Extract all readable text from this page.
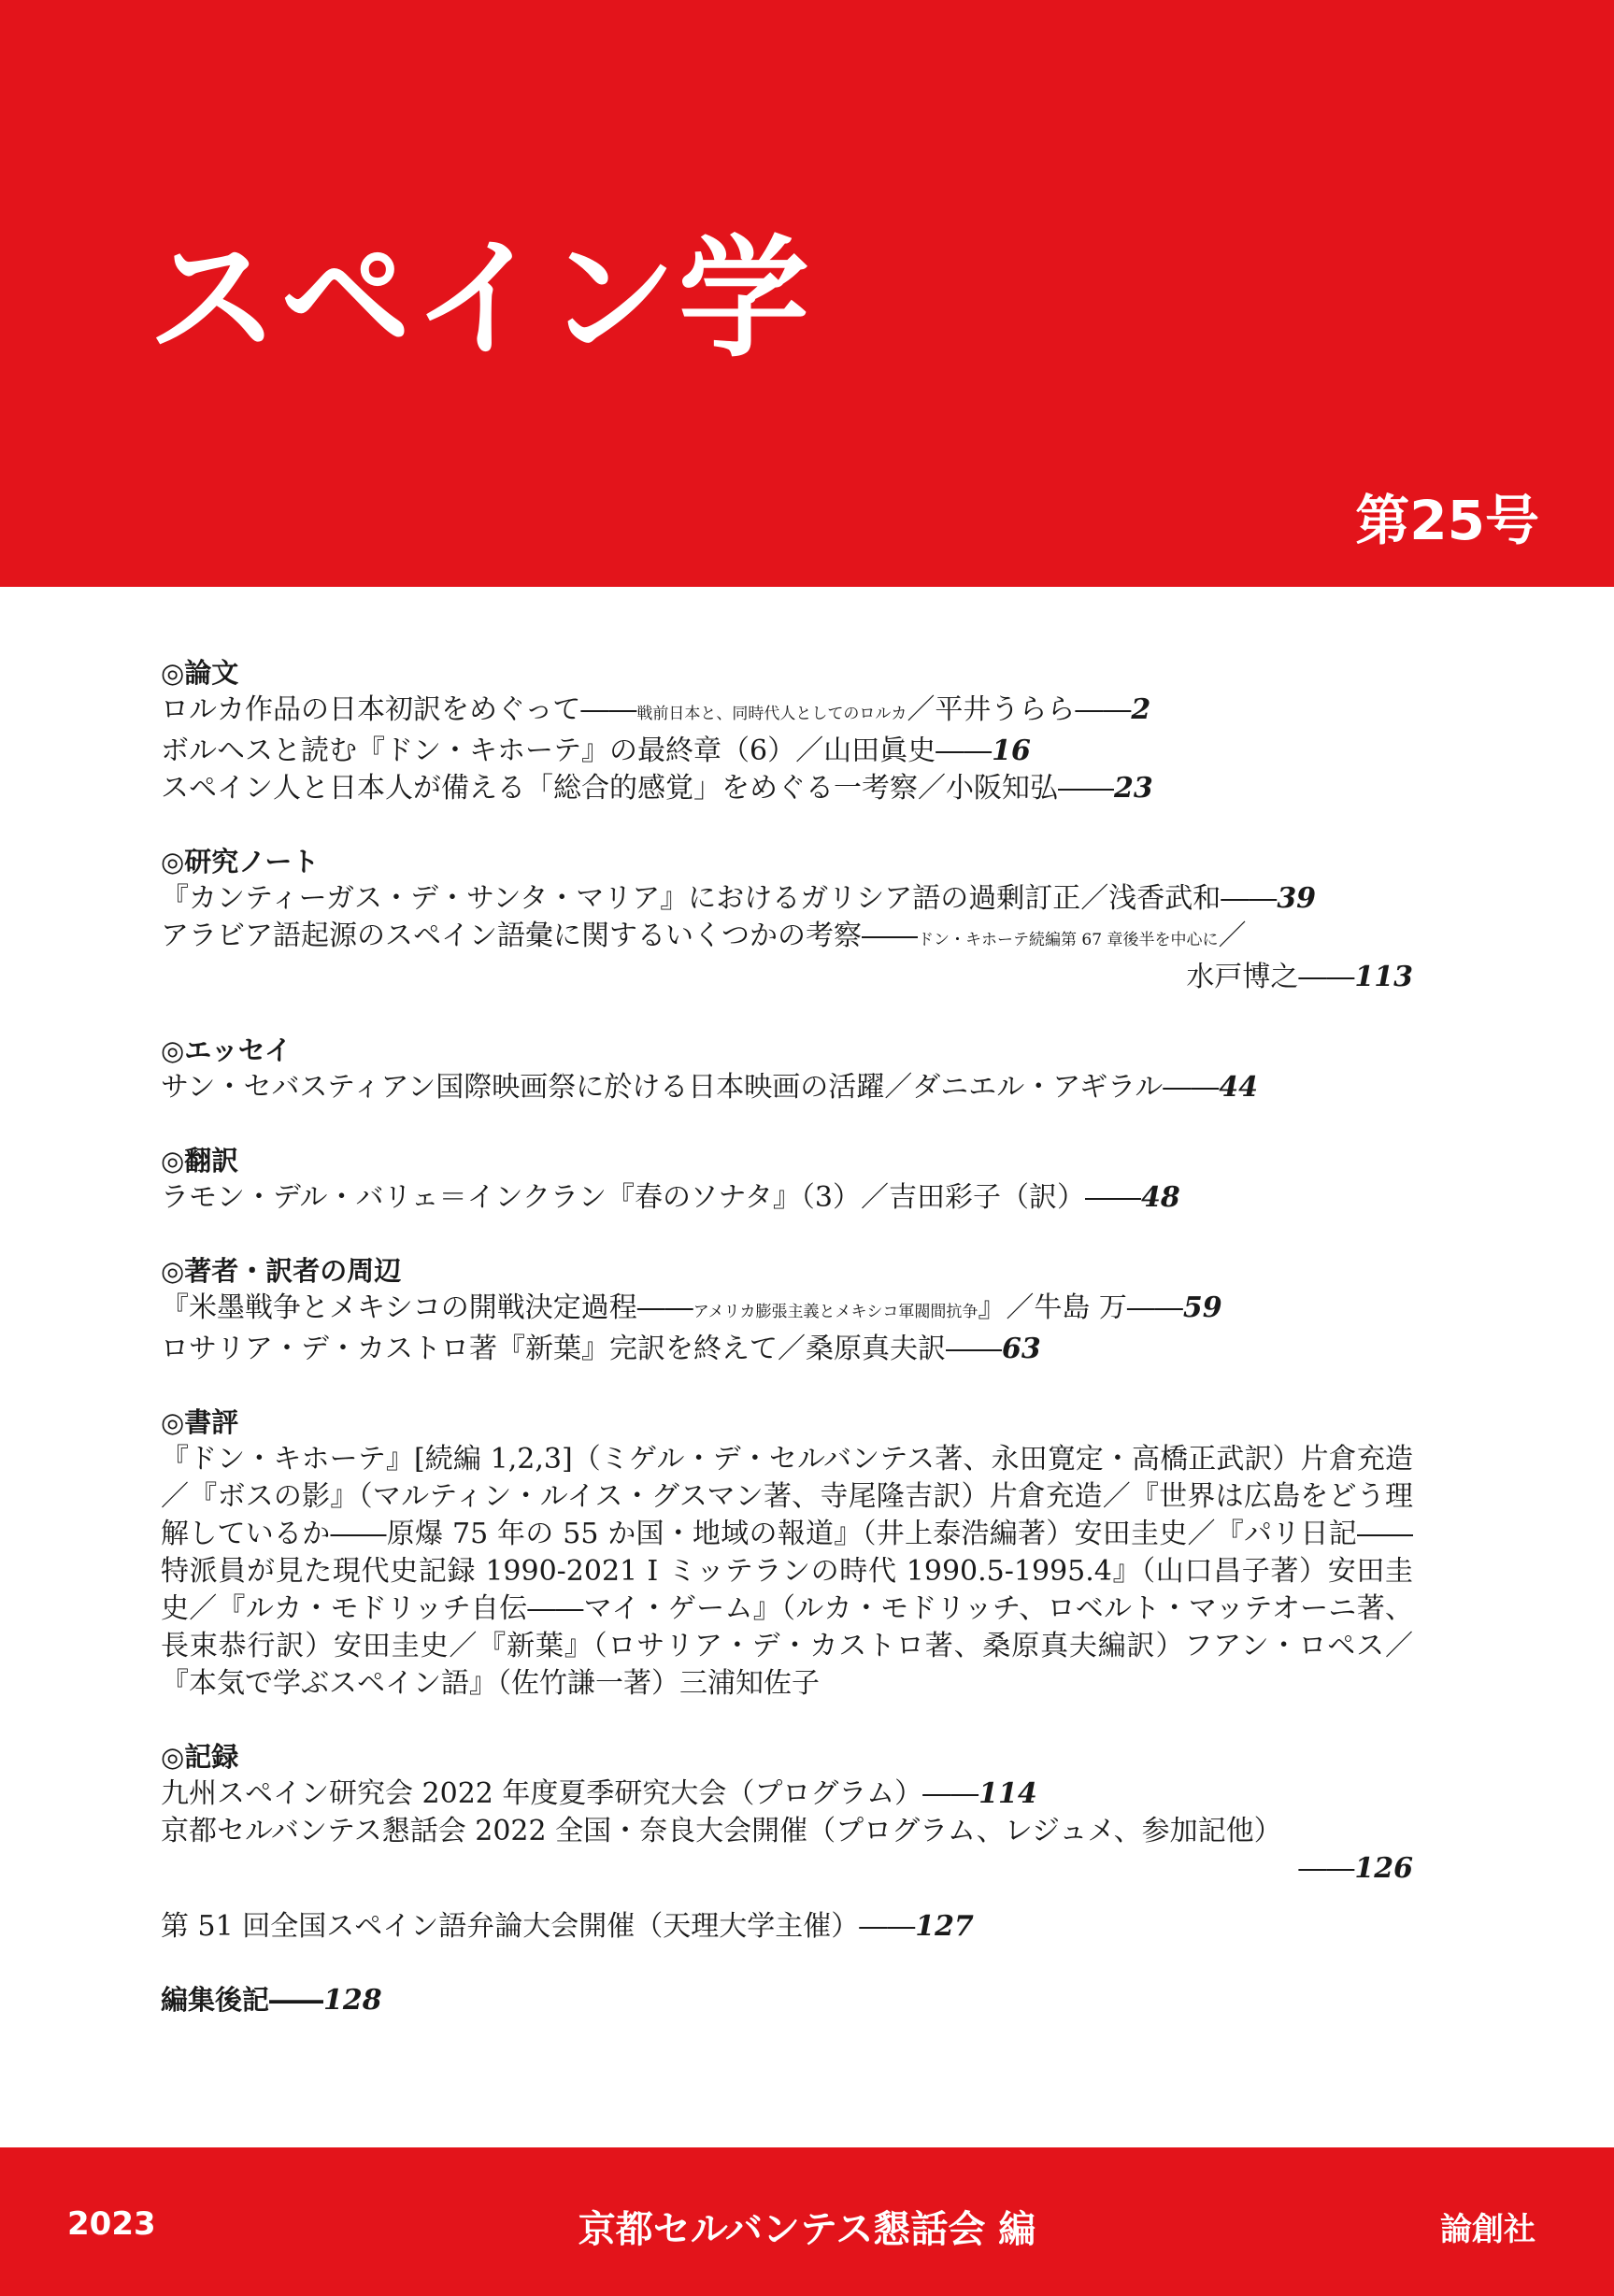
スペイン学
第25号
◎論文
ロルカ作品の日本初訳をめぐって――戦前日本と、同時代人としてのロルカ／平井うらら――2
ボルヘスと読む『ドン・キホーテ』の最終章（6）／山田眞史――16
スペイン人と日本人が備える「総合的感覚」をめぐる一考察／小阪知弘――23
◎研究ノート
『カンティーガス・デ・サンタ・マリア』におけるガリシア語の過剰訂正／浅香武和――39
アラビア語起源のスペイン語彙に関するいくつかの考察――ドン・キホーテ続編第 67 章後半を中心に／
水戸博之――113
◎エッセイ
サン・セバスティアン国際映画祭に於ける日本映画の活躍／ダニエル・アギラル――44
◎翻訳
ラモン・デル・バリェ＝インクラン『春のソナタ』（3）／吉田彩子（訳）――48
◎著者・訳者の周辺
『米墨戦争とメキシコの開戦決定過程――アメリカ膨張主義とメキシコ軍閥間抗争』／牛島 万――59
ロサリア・デ・カストロ著『新葉』完訳を終えて／桑原真夫訳――63
◎書評
『ドン・キホーテ』[続編 1,2,3]（ミゲル・デ・セルバンテス著、永田寛定・高橋正武訳）片倉充造／『ボスの影』（マルティン・ルイス・グスマン著、寺尾隆吉訳）片倉充造／『世界は広島をどう理解しているか――原爆 75 年の 55 か国・地域の報道』（井上泰浩編著）安田圭史／『パリ日記――特派員が見た現代史記録 1990-2021 Ⅰ ミッテランの時代 1990.5-1995.4』（山口昌子著）安田圭史／『ルカ・モドリッチ自伝――マイ・ゲーム』（ルカ・モドリッチ、ロベルト・マッテオーニ著、長束恭行訳）安田圭史／『新葉』（ロサリア・デ・カストロ著、桑原真夫編訳）フアン・ロペス／『本気で学ぶスペイン語』（佐竹謙一著）三浦知佐子
◎記録
九州スペイン研究会 2022 年度夏季研究大会（プログラム）――114
京都セルバンテス懇話会 2022 全国・奈良大会開催（プログラム、レジュメ、参加記他）
――126
第 51 回全国スペイン語弁論大会開催（天理大学主催）――127
編集後記――128
2023	京都セルバンテス懇話会 編	論創社
